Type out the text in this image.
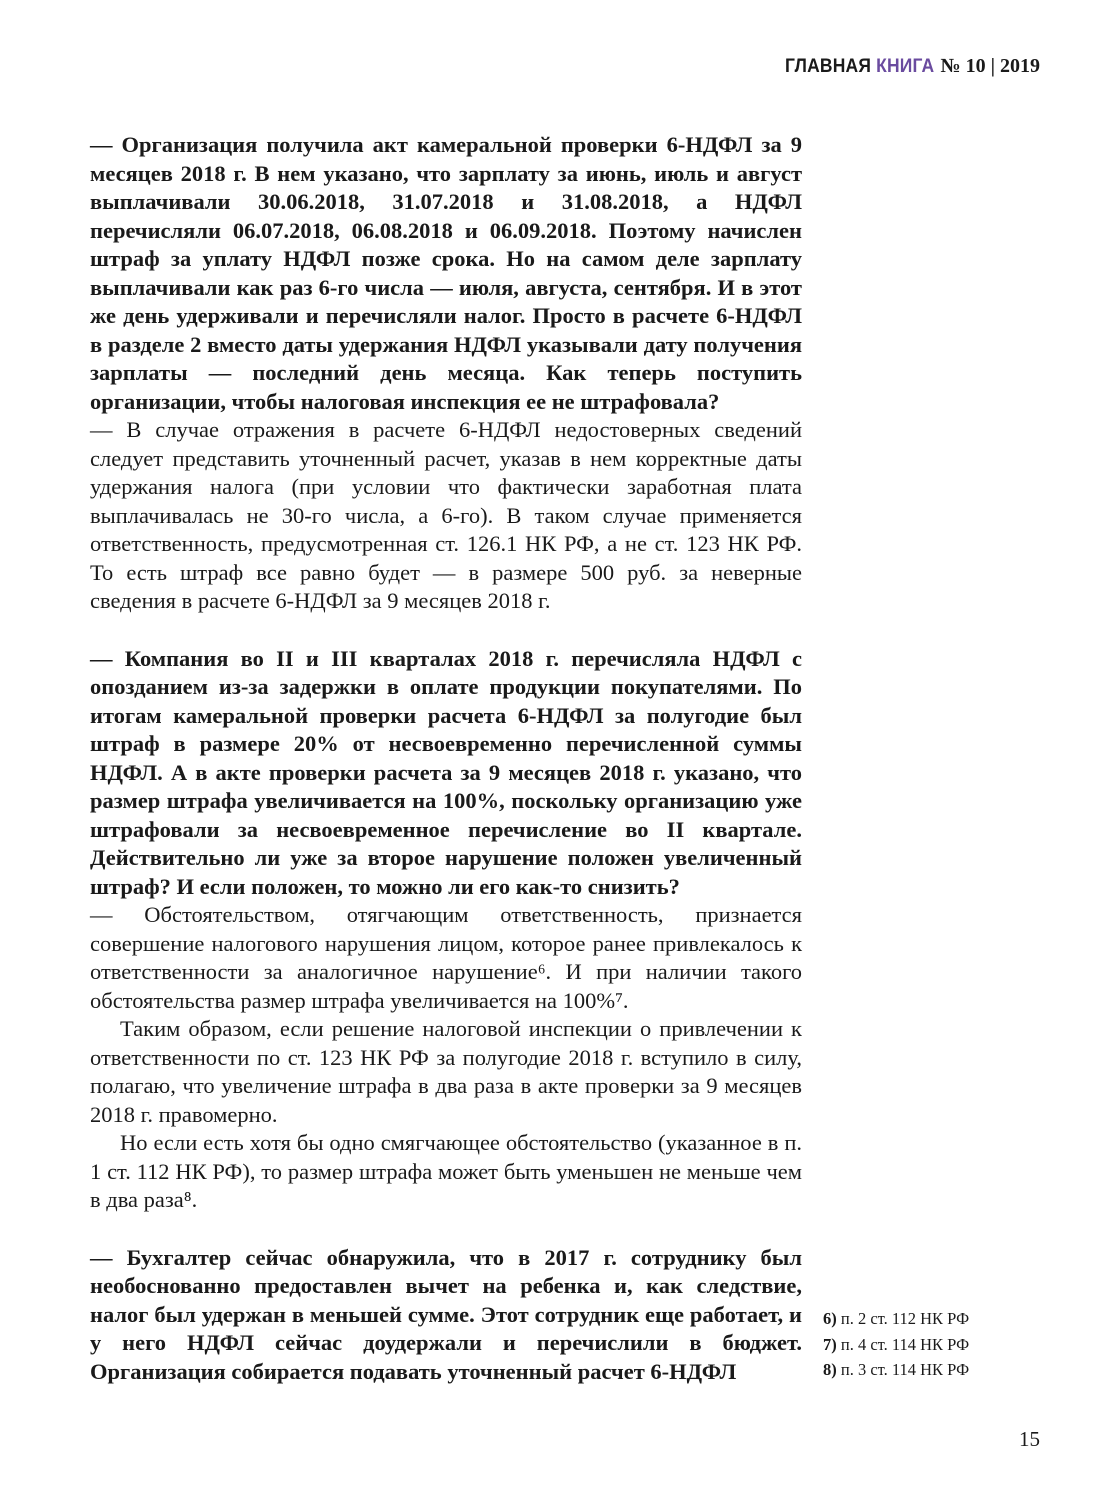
ГЛАВНАЯ КНИГА № 10 | 2019

— Организация получила акт камеральной проверки 6-НДФЛ за 9 месяцев 2018 г. В нем указано, что зарплату за июнь, июль и август выплачивали 30.06.2018, 31.07.2018 и 31.08.2018, а НДФЛ перечисляли 06.07.2018, 06.08.2018 и 06.09.2018. Поэтому начислен штраф за уплату НДФЛ позже срока. Но на самом деле зарплату выплачивали как раз 6-го числа — июля, августа, сентября. И в этот же день удерживали и перечисляли налог. Просто в расчете 6-НДФЛ в разделе 2 вместо даты удержания НДФЛ указывали дату получения зарплаты — последний день месяца. Как теперь поступить организации, чтобы налоговая инспекция ее не штрафовала?

— В случае отражения в расчете 6-НДФЛ недостоверных сведений следует представить уточненный расчет, указав в нем корректные даты удержания налога (при условии что фактически заработная плата выплачивалась не 30-го числа, а 6-го). В таком случае применяется ответственность, предусмотренная ст. 126.1 НК РФ, а не ст. 123 НК РФ. То есть штраф все равно будет — в размере 500 руб. за неверные сведения в расчете 6-НДФЛ за 9 месяцев 2018 г.

— Компания во II и III кварталах 2018 г. перечисляла НДФЛ с опозданием из-за задержки в оплате продукции покупателями. По итогам камеральной проверки расчета 6-НДФЛ за полугодие был штраф в размере 20% от несвоевременно перечисленной суммы НДФЛ. А в акте проверки расчета за 9 месяцев 2018 г. указано, что размер штрафа увеличивается на 100%, поскольку организацию уже штрафовали за несвоевременное перечисление во II квартале. Действительно ли уже за второе нарушение положен увеличенный штраф? И если положен, то можно ли его как-то снизить?

— Обстоятельством, отягчающим ответственность, признается совершение налогового нарушения лицом, которое ранее привлекалось к ответственности за аналогичное нарушение⁶. И при наличии такого обстоятельства размер штрафа увеличивается на 100%⁷.

Таким образом, если решение налоговой инспекции о привлечении к ответственности по ст. 123 НК РФ за полугодие 2018 г. вступило в силу, полагаю, что увеличение штрафа в два раза в акте проверки за 9 месяцев 2018 г. правомерно.

Но если есть хотя бы одно смягчающее обстоятельство (указанное в п. 1 ст. 112 НК РФ), то размер штрафа может быть уменьшен не меньше чем в два раза⁸.

— Бухгалтер сейчас обнаружила, что в 2017 г. сотруднику был необоснованно предоставлен вычет на ребенка и, как следствие, налог был удержан в меньшей сумме. Этот сотрудник еще работает, и у него НДФЛ сейчас доудержали и перечислили в бюджет. Организация собирается подавать уточненный расчет 6-НДФЛ

6) п. 2 ст. 112 НК РФ
7) п. 4 ст. 114 НК РФ
8) п. 3 ст. 114 НК РФ
15
